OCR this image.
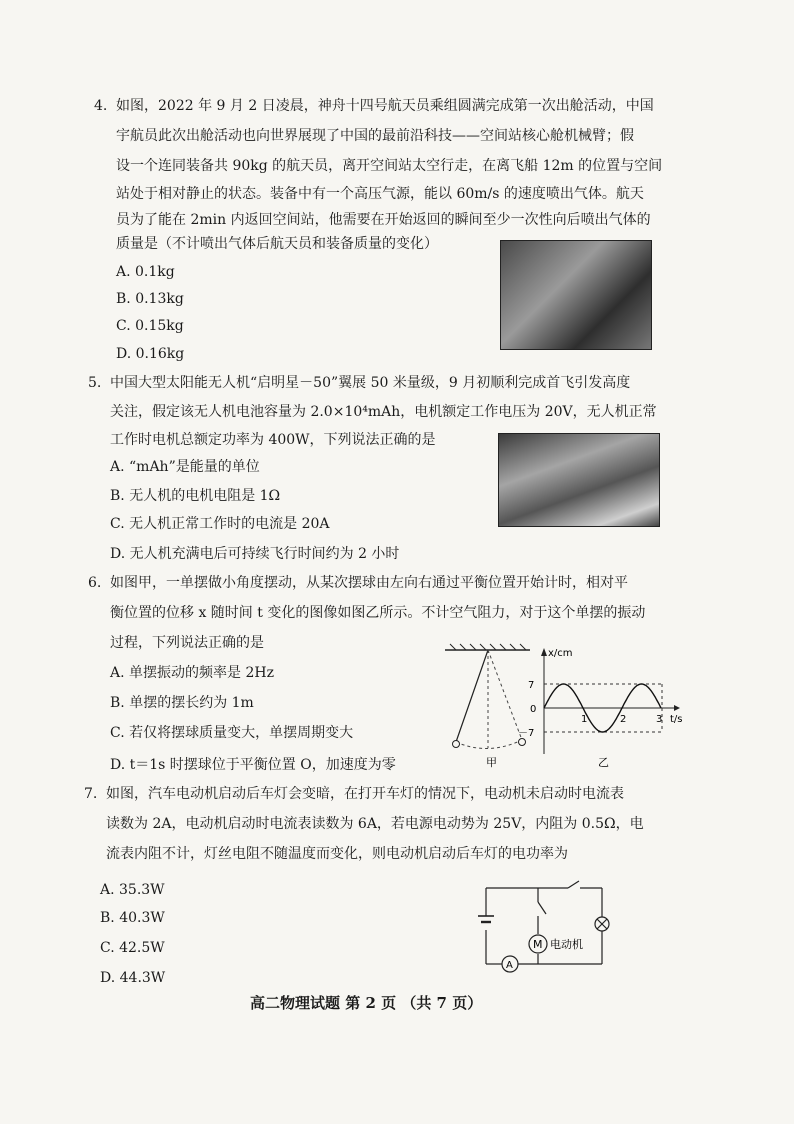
4. 如图，2022 年 9 月 2 日凌晨，神舟十四号航天员乘组圆满完成第一次出舱活动，中国
宇航员此次出舱活动也向世界展现了中国的最前沿科技——空间站核心舱机械臂；假
设一个连同装备共 90kg 的航天员，离开空间站太空行走，在离飞船 12m 的位置与空间
站处于相对静止的状态。装备中有一个高压气源，能以 60m/s 的速度喷出气体。航天
员为了能在 2min 内返回空间站，他需要在开始返回的瞬间至少一次性向后喷出气体的
质量是（不计喷出气体后航天员和装备质量的变化）
A. 0.1kg
B. 0.13kg
C. 0.15kg
D. 0.16kg
5. 中国大型太阳能无人机“启明星－50”翼展 50 米量级，9 月初顺利完成首飞引发高度
关注，假定该无人机电池容量为 2.0×10⁴mAh，电机额定工作电压为 20V，无人机正常
工作时电机总额定功率为 400W，下列说法正确的是
A. “mAh”是能量的单位
B. 无人机的电机电阻是 1Ω
C. 无人机正常工作时的电流是 20A
D. 无人机充满电后可持续飞行时间约为 2 小时
6. 如图甲，一单摆做小角度摆动，从某次摆球由左向右通过平衡位置开始计时，相对平
衡位置的位移 x 随时间 t 变化的图像如图乙所示。不计空气阻力，对于这个单摆的振动
过程，下列说法正确的是
A. 单摆振动的频率是 2Hz
B. 单摆的摆长约为 1m
C. 若仅将摆球质量变大，单摆周期变大
D. t＝1s 时摆球位于平衡位置 O，加速度为零	甲
x/cm
t/s
7
0
－7
1	2	3
乙
7. 如图，汽车电动机启动后车灯会变暗，在打开车灯的情况下，电动机未启动时电流表
读数为 2A，电动机启动时电流表读数为 6A，若电源电动势为 25V，内阻为 0.5Ω，电
流表内阻不计，灯丝电阻不随温度而变化，则电动机启动后车灯的电功率为
A. 35.3W
B. 40.3W
C. 42.5W
D. 44.3W
M 电动机
A
高二物理试题 第 2 页 （共 7 页）
